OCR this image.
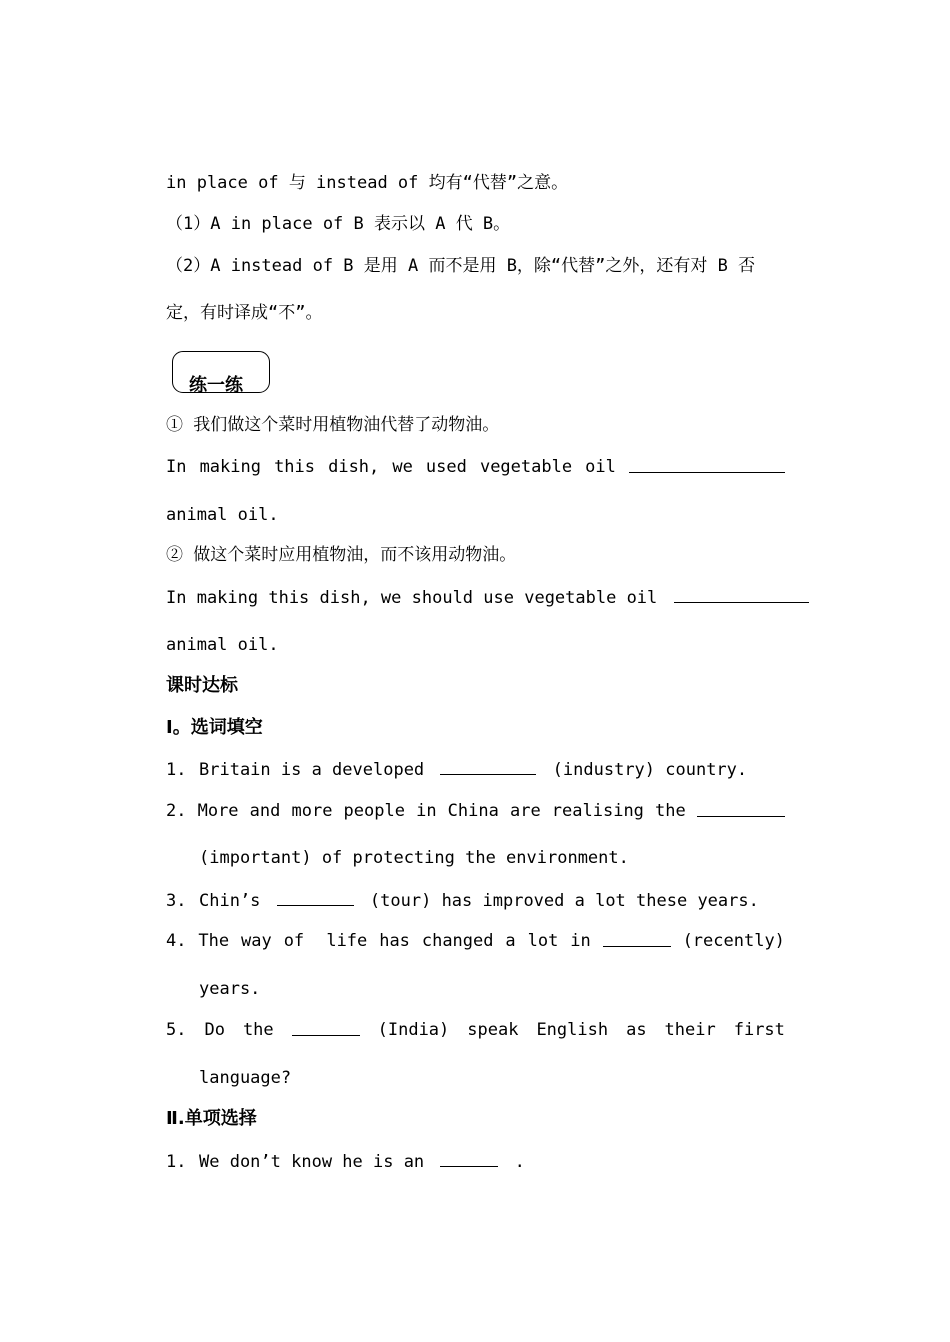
in place of 与 instead of 均有“代替”之意。
（1）A in place of B 表示以 A 代 B。
（2）A instead of B 是用 A 而不是用 B，除“代替”之外，还有对 B 否
定，有时译成“不”。
练一练
① 我们做这个菜时用植物油代替了动物油。
In making this dish, we used vegetable oil
animal oil.
② 做这个菜时应用植物油，而不该用动物油。
In making this dish, we should use vegetable oil
animal oil.
课时达标
Ⅰ。选词填空
1. Britain is a developed	(industry) country.
2. More and more people in China are realising the
(important) of protecting the environment.
3. Chin’s	(tour) has improved a lot these years.
4. The way of life has changed a lot in	(recently)
years.
5. Do the	(India) speak English as their first
language?
Ⅱ.单项选择
1. We don’t know he is an	.
